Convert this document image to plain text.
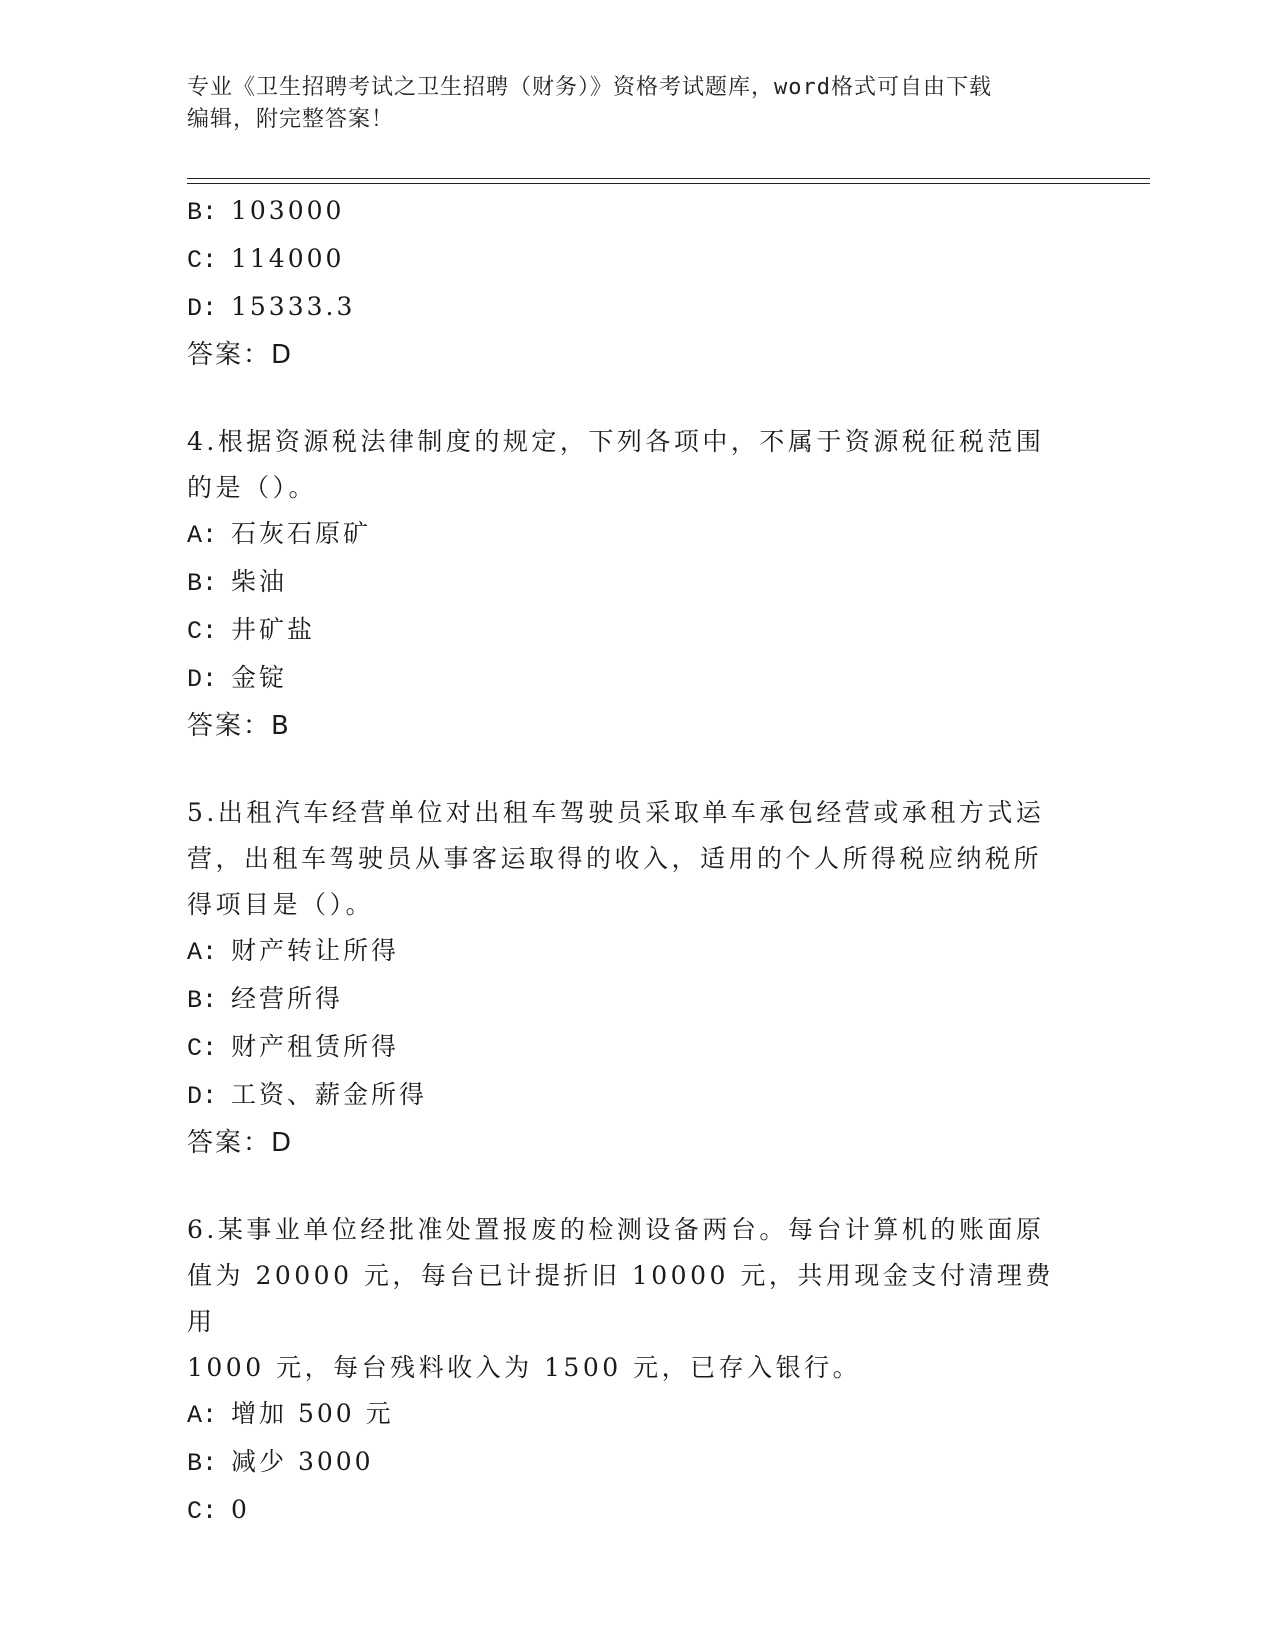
专业《卫生招聘考试之卫生招聘（财务）》资格考试题库，word格式可自由下载
编辑，附完整答案！
B: 103000
C: 114000
D: 15333.3
答案：D
4.根据资源税法律制度的规定，下列各项中，不属于资源税征税范围
的是（）。
A: 石灰石原矿
B: 柴油
C: 井矿盐
D: 金锭
答案：B
5.出租汽车经营单位对出租车驾驶员采取单车承包经营或承租方式运
营，出租车驾驶员从事客运取得的收入，适用的个人所得税应纳税所
得项目是（）。
A: 财产转让所得
B: 经营所得
C: 财产租赁所得
D: 工资、薪金所得
答案：D
6.某事业单位经批准处置报废的检测设备两台。每台计算机的账面原
值为 20000 元，每台已计提折旧 10000 元，共用现金支付清理费用
1000 元，每台残料收入为 1500 元，已存入银行。
A: 增加 500 元
B: 减少 3000
C: 0
